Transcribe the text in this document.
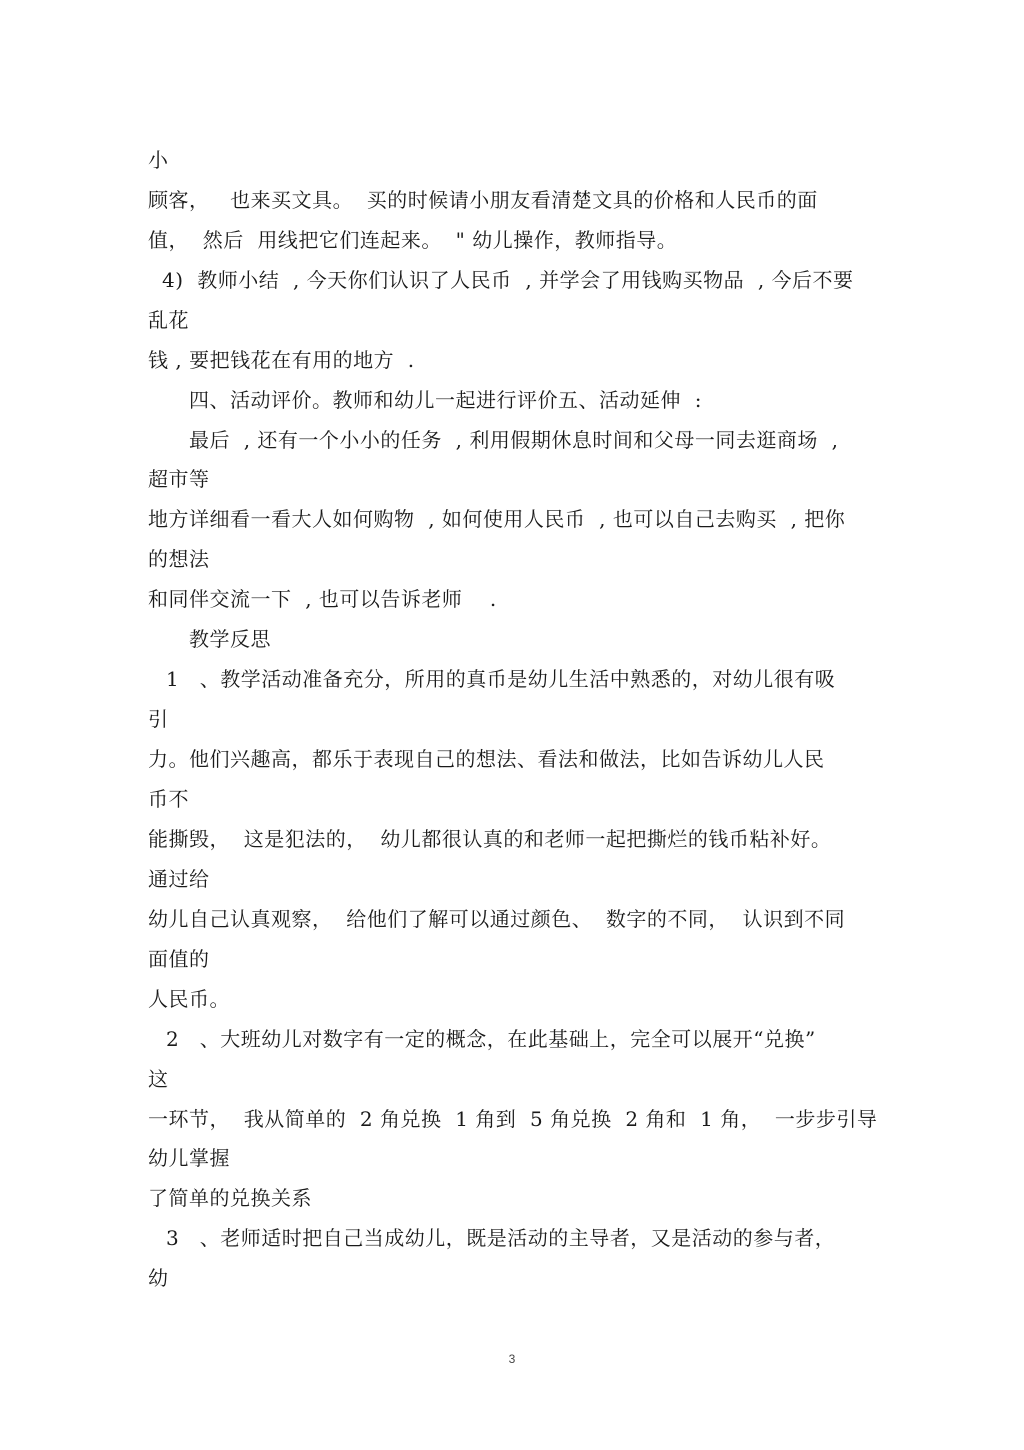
小
顾客，   也来买文具。  买的时候请小朋友看清楚文具的价格和人民币的面
值，  然后  用线把它们连起来。  " 幼儿操作，教师指导。
4)  教师小结  , 今天你们认识了人民币  , 并学会了用钱购买物品  , 今后不要
乱花
钱 , 要把钱花在有用的地方  .
四、活动评价。教师和幼儿一起进行评价五、活动延伸  :
最后  , 还有一个小小的任务  , 利用假期休息时间和父母一同去逛商场  ,
超市等
地方详细看一看大人如何购物  , 如何使用人民币  , 也可以自己去购买  , 把你
的想法
和同伴交流一下  , 也可以告诉老师    .
教学反思
1   、教学活动准备充分，所用的真币是幼儿生活中熟悉的，对幼儿很有吸
引
力。他们兴趣高，都乐于表现自己的想法、看法和做法，比如告诉幼儿人民
币不
能撕毁，  这是犯法的，  幼儿都很认真的和老师一起把撕烂的钱币粘补好。
通过给
幼儿自己认真观察，  给他们了解可以通过颜色、  数字的不同，  认识到不同
面值的
人民币。
2   、大班幼儿对数字有一定的概念，在此基础上，完全可以展开“兑换”
这
一环节，  我从简单的  2 角兑换  1 角到  5 角兑换  2 角和  1 角，  一步步引导
幼儿掌握
了简单的兑换关系
3   、老师适时把自己当成幼儿，既是活动的主导者，又是活动的参与者，
幼
3
